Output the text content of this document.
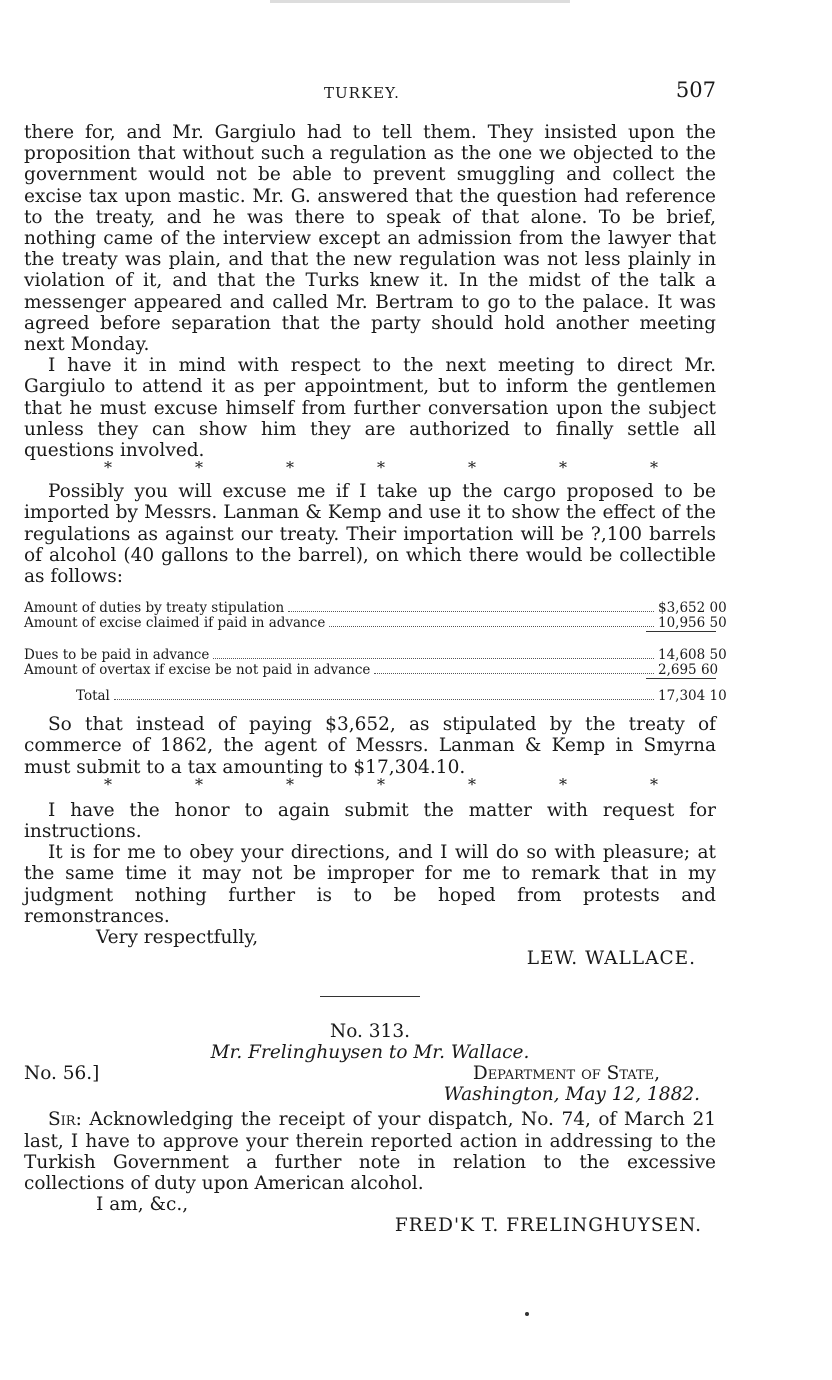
TURKEY.	507

there for, and Mr. Gargiulo had to tell them. They insisted upon the proposition that without such a regulation as the one we objected to the government would not be able to prevent smuggling and collect the excise tax upon mastic. Mr. G. answered that the question had reference to the treaty, and he was there to speak of that alone. To be brief, nothing came of the interview except an admission from the lawyer that the treaty was plain, and that the new regulation was not less plainly in violation of it, and that the Turks knew it. In the midst of the talk a messenger appeared and called Mr. Bertram to go to the palace. It was agreed before separation that the party should hold another meeting next Monday.

I have it in mind with respect to the next meeting to direct Mr. Gargiulo to attend it as per appointment, but to inform the gentlemen that he must excuse himself from further conversation upon the subject unless they can show him they are authorized to finally settle all questions involved.

*	*	*	*	*	*	*

Possibly you will excuse me if I take up the cargo proposed to be imported by Messrs. Lanman & Kemp and use it to show the effect of the regulations as against our treaty. Their importation will be ?,100 barrels of alcohol (40 gallons to the barrel), on which there would be collectible as follows:

Amount of duties by treaty stipulation	$3,652 00
Amount of excise claimed if paid in advance	10,956 50
Dues to be paid in advance	14,608 50
Amount of overtax if excise be not paid in advance	2,695 60
Total	17,304 10

So that instead of paying $3,652, as stipulated by the treaty of commerce of 1862, the agent of Messrs. Lanman & Kemp in Smyrna must submit to a tax amounting to $17,304.10.

*	*	*	*	*	*	*

I have the honor to again submit the matter with request for instructions.

It is for me to obey your directions, and I will do so with pleasure; at the same time it may not be improper for me to remark that in my judgment nothing further is to be hoped from protests and remonstrances.

Very respectfully,

LEW. WALLACE.

No. 313.

Mr. Frelinghuysen to Mr. Wallace.

No. 56.]	Department of State,

Washington, May 12, 1882.

Sir: Acknowledging the receipt of your dispatch, No. 74, of March 21 last, I have to approve your therein reported action in addressing to the Turkish Government a further note in relation to the excessive collections of duty upon American alcohol.

I am, &c.,

FRED'K T. FRELINGHUYSEN.
